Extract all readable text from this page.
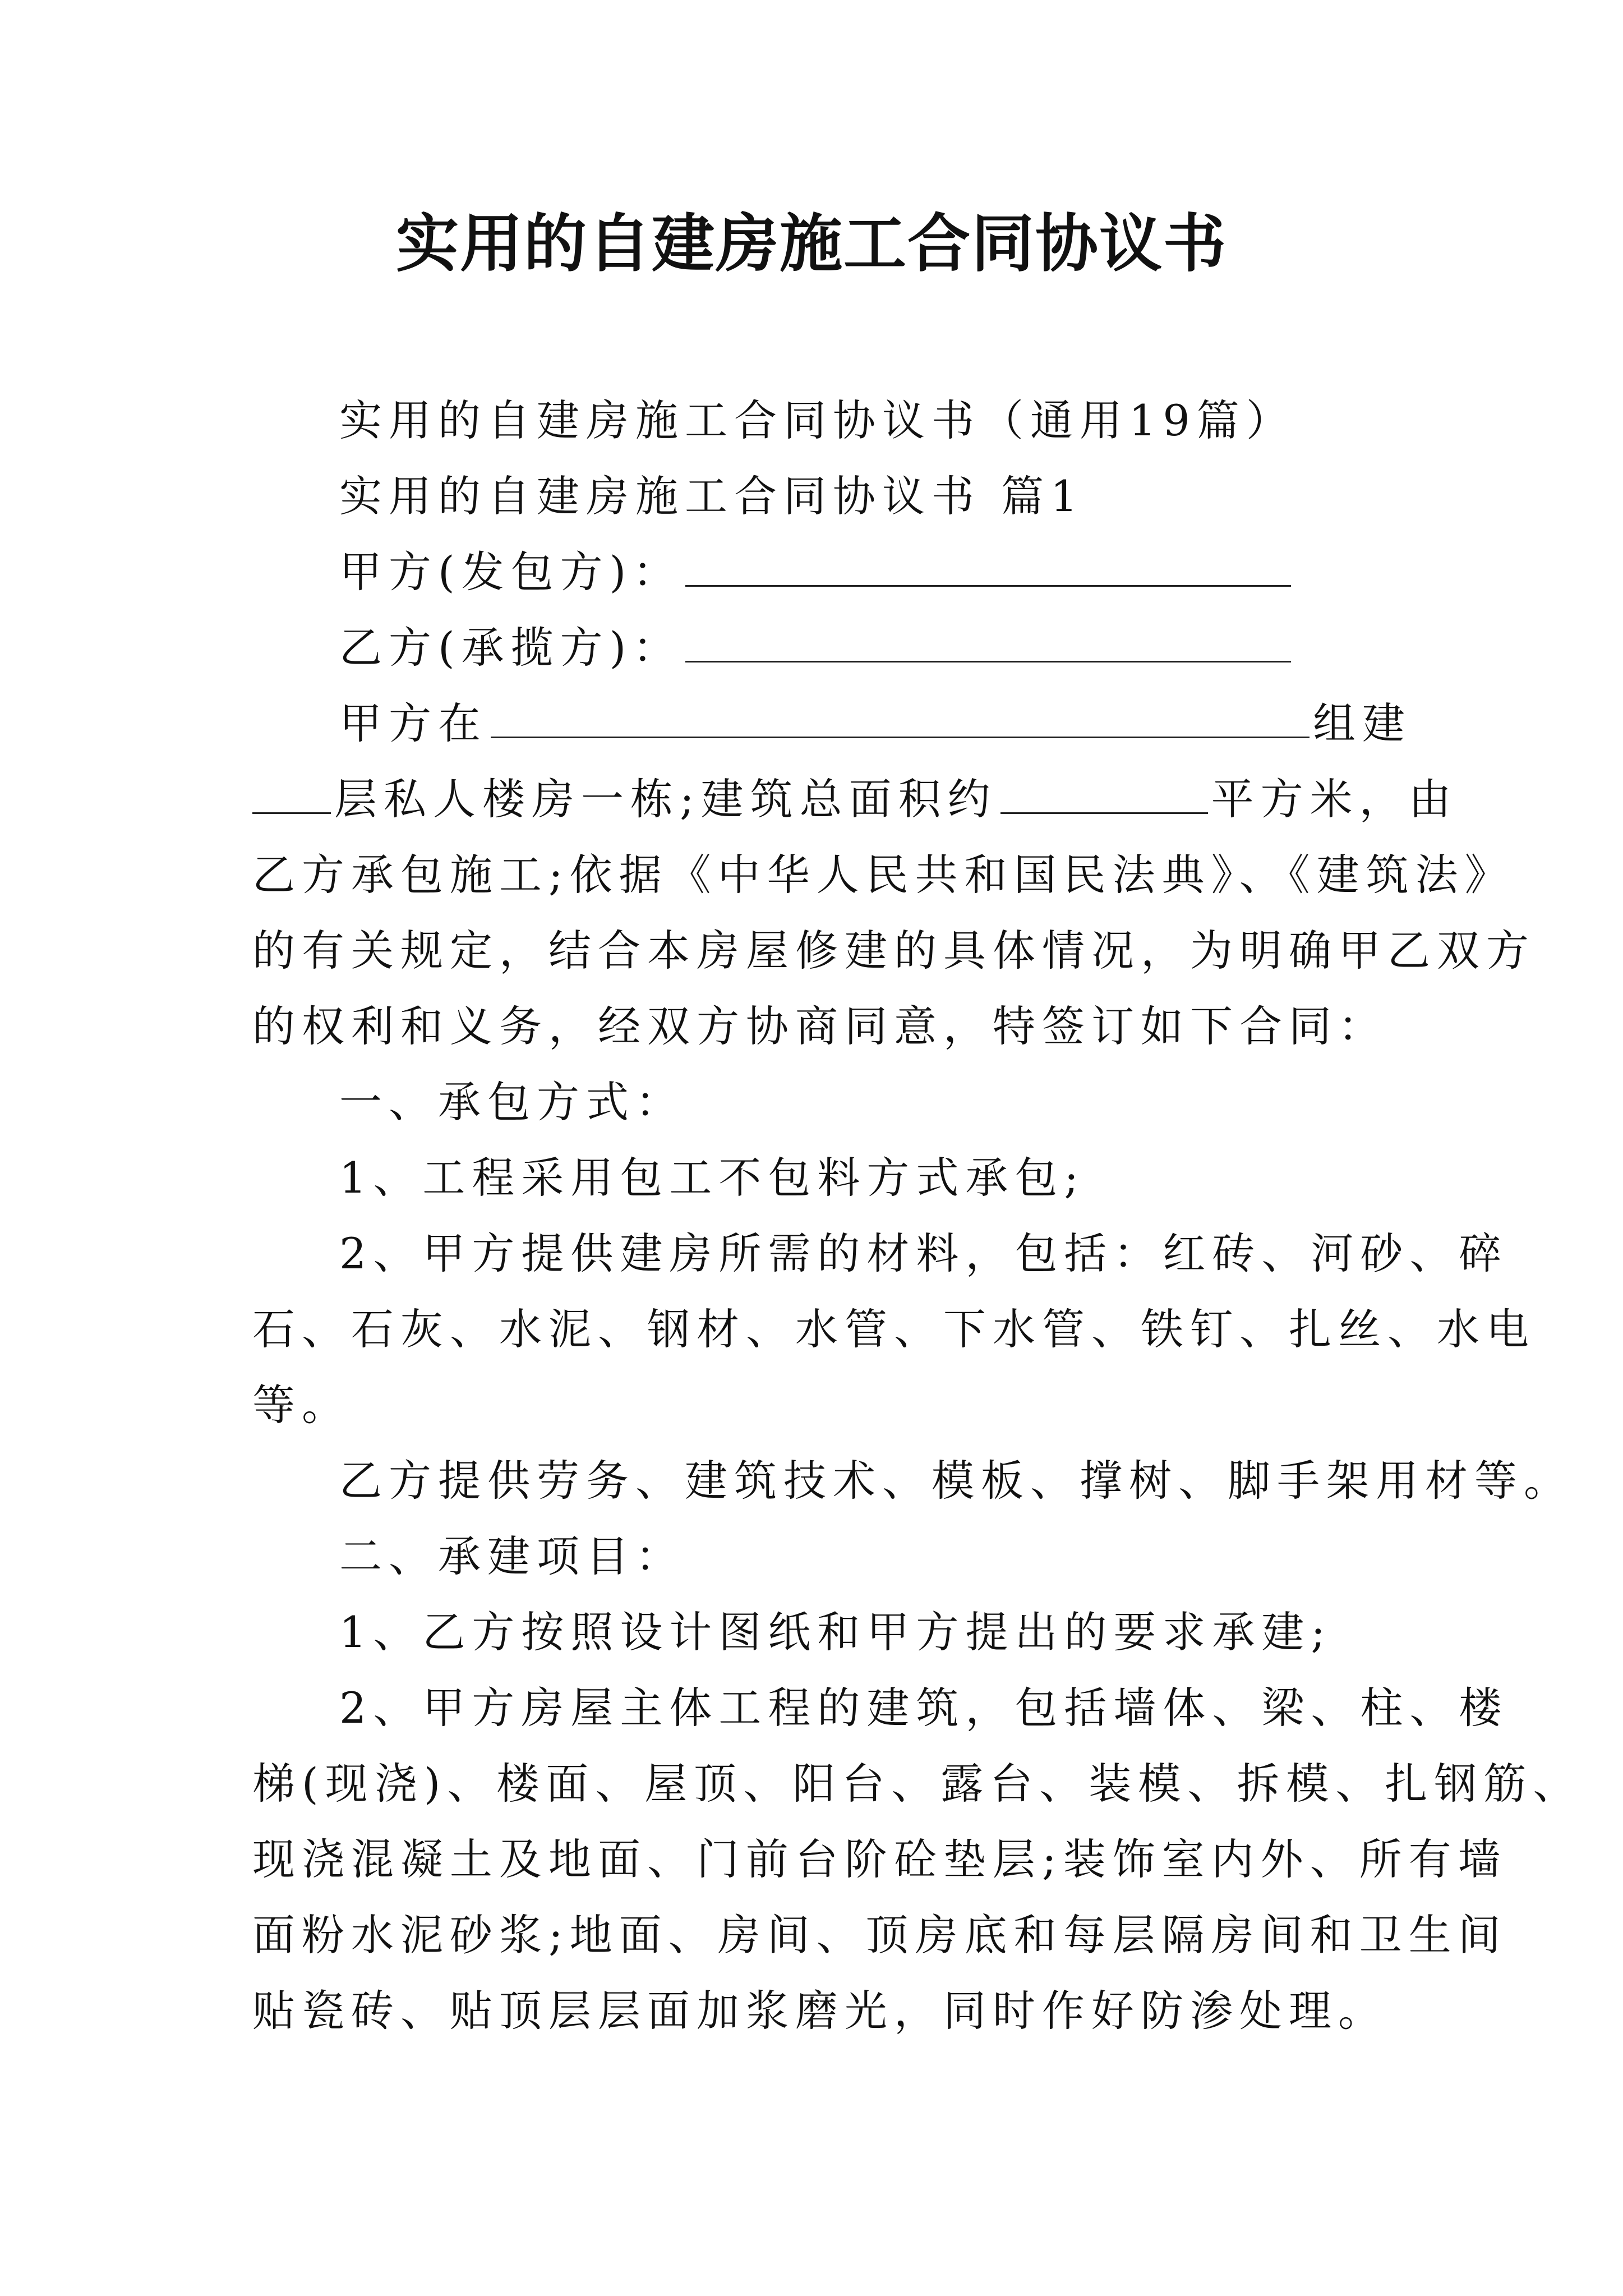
实用的自建房施工合同协议书
实用的自建房施工合同协议书（通用19篇）
实用的自建房施工合同协议书 篇1
甲方(发包方)：
乙方(承揽方)：
甲方在	组建
层私人楼房一栋;建筑总面积约	平方米，由
乙方承包施工;依据《中华人民共和国民法典》、《建筑法》
的有关规定，结合本房屋修建的具体情况，为明确甲乙双方
的权利和义务，经双方协商同意，特签订如下合同：
一、承包方式：
1、工程采用包工不包料方式承包;
2、甲方提供建房所需的材料，包括：红砖、河砂、碎
石、石灰、水泥、钢材、水管、下水管、铁钉、扎丝、水电
等。
乙方提供劳务、建筑技术、模板、撑树、脚手架用材等。
二、承建项目：
1、乙方按照设计图纸和甲方提出的要求承建;
2、甲方房屋主体工程的建筑，包括墙体、梁、柱、楼
梯(现浇)、楼面、屋顶、阳台、露台、装模、拆模、扎钢筋、
现浇混凝土及地面、门前台阶砼垫层;装饰室内外、所有墙
面粉水泥砂浆;地面、房间、顶房底和每层隔房间和卫生间
贴瓷砖、贴顶层层面加浆磨光，同时作好防渗处理。
